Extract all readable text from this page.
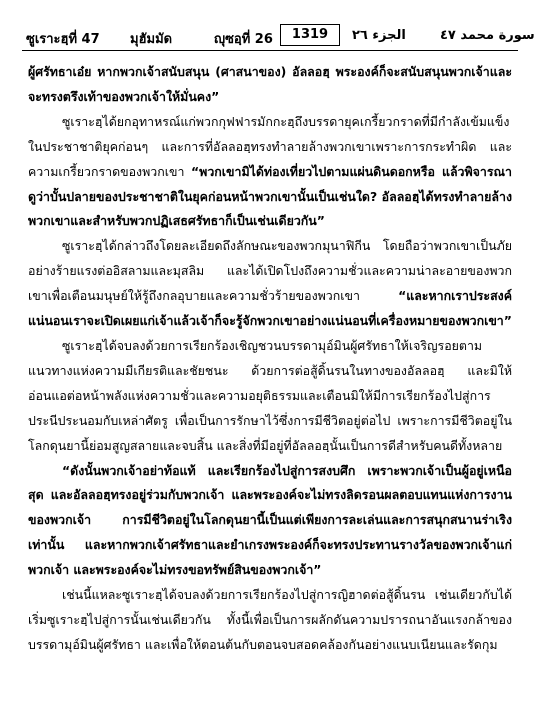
ซูเราะฮฺที่ 47 มุฮัมมัด	ญุซอฺที่ 26	1319	الجزء ٢٦	سورة محمد ٤٧

ผู้ศรัทธาเอ๋ย หากพวกเจ้าสนับสนุน (ศาสนาของ) อัลลอฮฺ พระองค์ก็จะสนับสนุนพวกเจ้าและจะทรงตรึงเท้าของพวกเจ้าให้มั่นคง”

ซูเราะฮฺได้ยกอุทาหรณ์แก่พวกกุฟฟารมักกะฮฺถึงบรรดายุคเกรี้ยวกราดที่มีกำลังเข้มแข็งในประชาชาติยุคก่อนๆ และการที่อัลลอฮฺทรงทำลายล้างพวกเขาเพราะการกระทำผิด และความเกรี้ยวกราดของพวกเขา “พวกเขามิได้ท่องเที่ยวไปตามแผ่นดินดอกหรือ แล้วพิจารณาดูว่าบั้นปลายของประชาชาติในยุคก่อนหน้าพวกเขานั้นเป็นเช่นใด? อัลลอฮฺได้ทรงทำลายล้างพวกเขาและสำหรับพวกปฏิเสธศรัทธาก็เป็นเช่นเดียวกัน”

ซูเราะฮฺได้กล่าวถึงโดยละเอียดถึงลักษณะของพวกมุนาฟิกีน โดยถือว่าพวกเขาเป็นภัยอย่างร้ายแรงต่ออิสลามและมุสลิม และได้เปิดโปงถึงความชั่วและความน่าละอายของพวกเขาเพื่อเตือนมนุษย์ให้รู้ถึงกลอุบายและความชั่วร้ายของพวกเขา “และหากเราประสงค์แน่นอนเราจะเปิดเผยแก่เจ้าแล้วเจ้าก็จะรู้จักพวกเขาอย่างแน่นอนที่เครื่องหมายของพวกเขา”

ซูเราะฮฺได้จบลงด้วยการเรียกร้องเชิญชวนบรรดามุอ์มินผู้ศรัทธาให้เจริญรอยตามแนวทางแห่งความมีเกียรติและชัยชนะ ด้วยการต่อสู้ดิ้นรนในทางของอัลลอฮฺ และมิให้อ่อนแอต่อหน้าพลังแห่งความชั่วและความอยุติธรรมและเตือนมิให้มีการเรียกร้องไปสู่การประนีประนอมกับเหล่าศัตรู เพื่อเป็นการรักษาไว้ซึ่งการมีชีวิตอยู่ต่อไป เพราะการมีชีวิตอยู่ในโลกดุนยานี้ย่อมสูญสลายและจบสิ้น และสิ่งที่มีอยู่ที่อัลลอฮฺนั้นเป็นการดีสำหรับคนดีทั้งหลาย

“ดังนั้นพวกเจ้าอย่าท้อแท้ และเรียกร้องไปสู่การสงบศึก เพราะพวกเจ้าเป็นผู้อยู่เหนือสุด และอัลลอฮฺทรงอยู่ร่วมกับพวกเจ้า และพระองค์จะไม่ทรงลิดรอนผลตอบแทนแห่งการงานของพวกเจ้า การมีชีวิตอยู่ในโลกดุนยานี้เป็นแต่เพียงการละเล่นและการสนุกสนานร่าเริงเท่านั้น และหากพวกเจ้าศรัทธาและยำเกรงพระองค์ก็จะทรงประทานรางวัลของพวกเจ้าแก่พวกเจ้า และพระองค์จะไม่ทรงขอทรัพย์สินของพวกเจ้า”

เช่นนี้แหละซูเราะฮฺได้จบลงด้วยการเรียกร้องไปสู่การญิฮาดต่อสู้ดิ้นรน เช่นเดียวกับได้เริ่มซูเราะฮฺไปสู่การนั้นเช่นเดียวกัน ทั้งนี้เพื่อเป็นการผลักดันความปรารถนาอันแรงกล้าของบรรดามุอ์มินผู้ศรัทธา และเพื่อให้ตอนต้นกับตอนจบสอดคล้องกันอย่างแนบเนียนและรัดกุม
